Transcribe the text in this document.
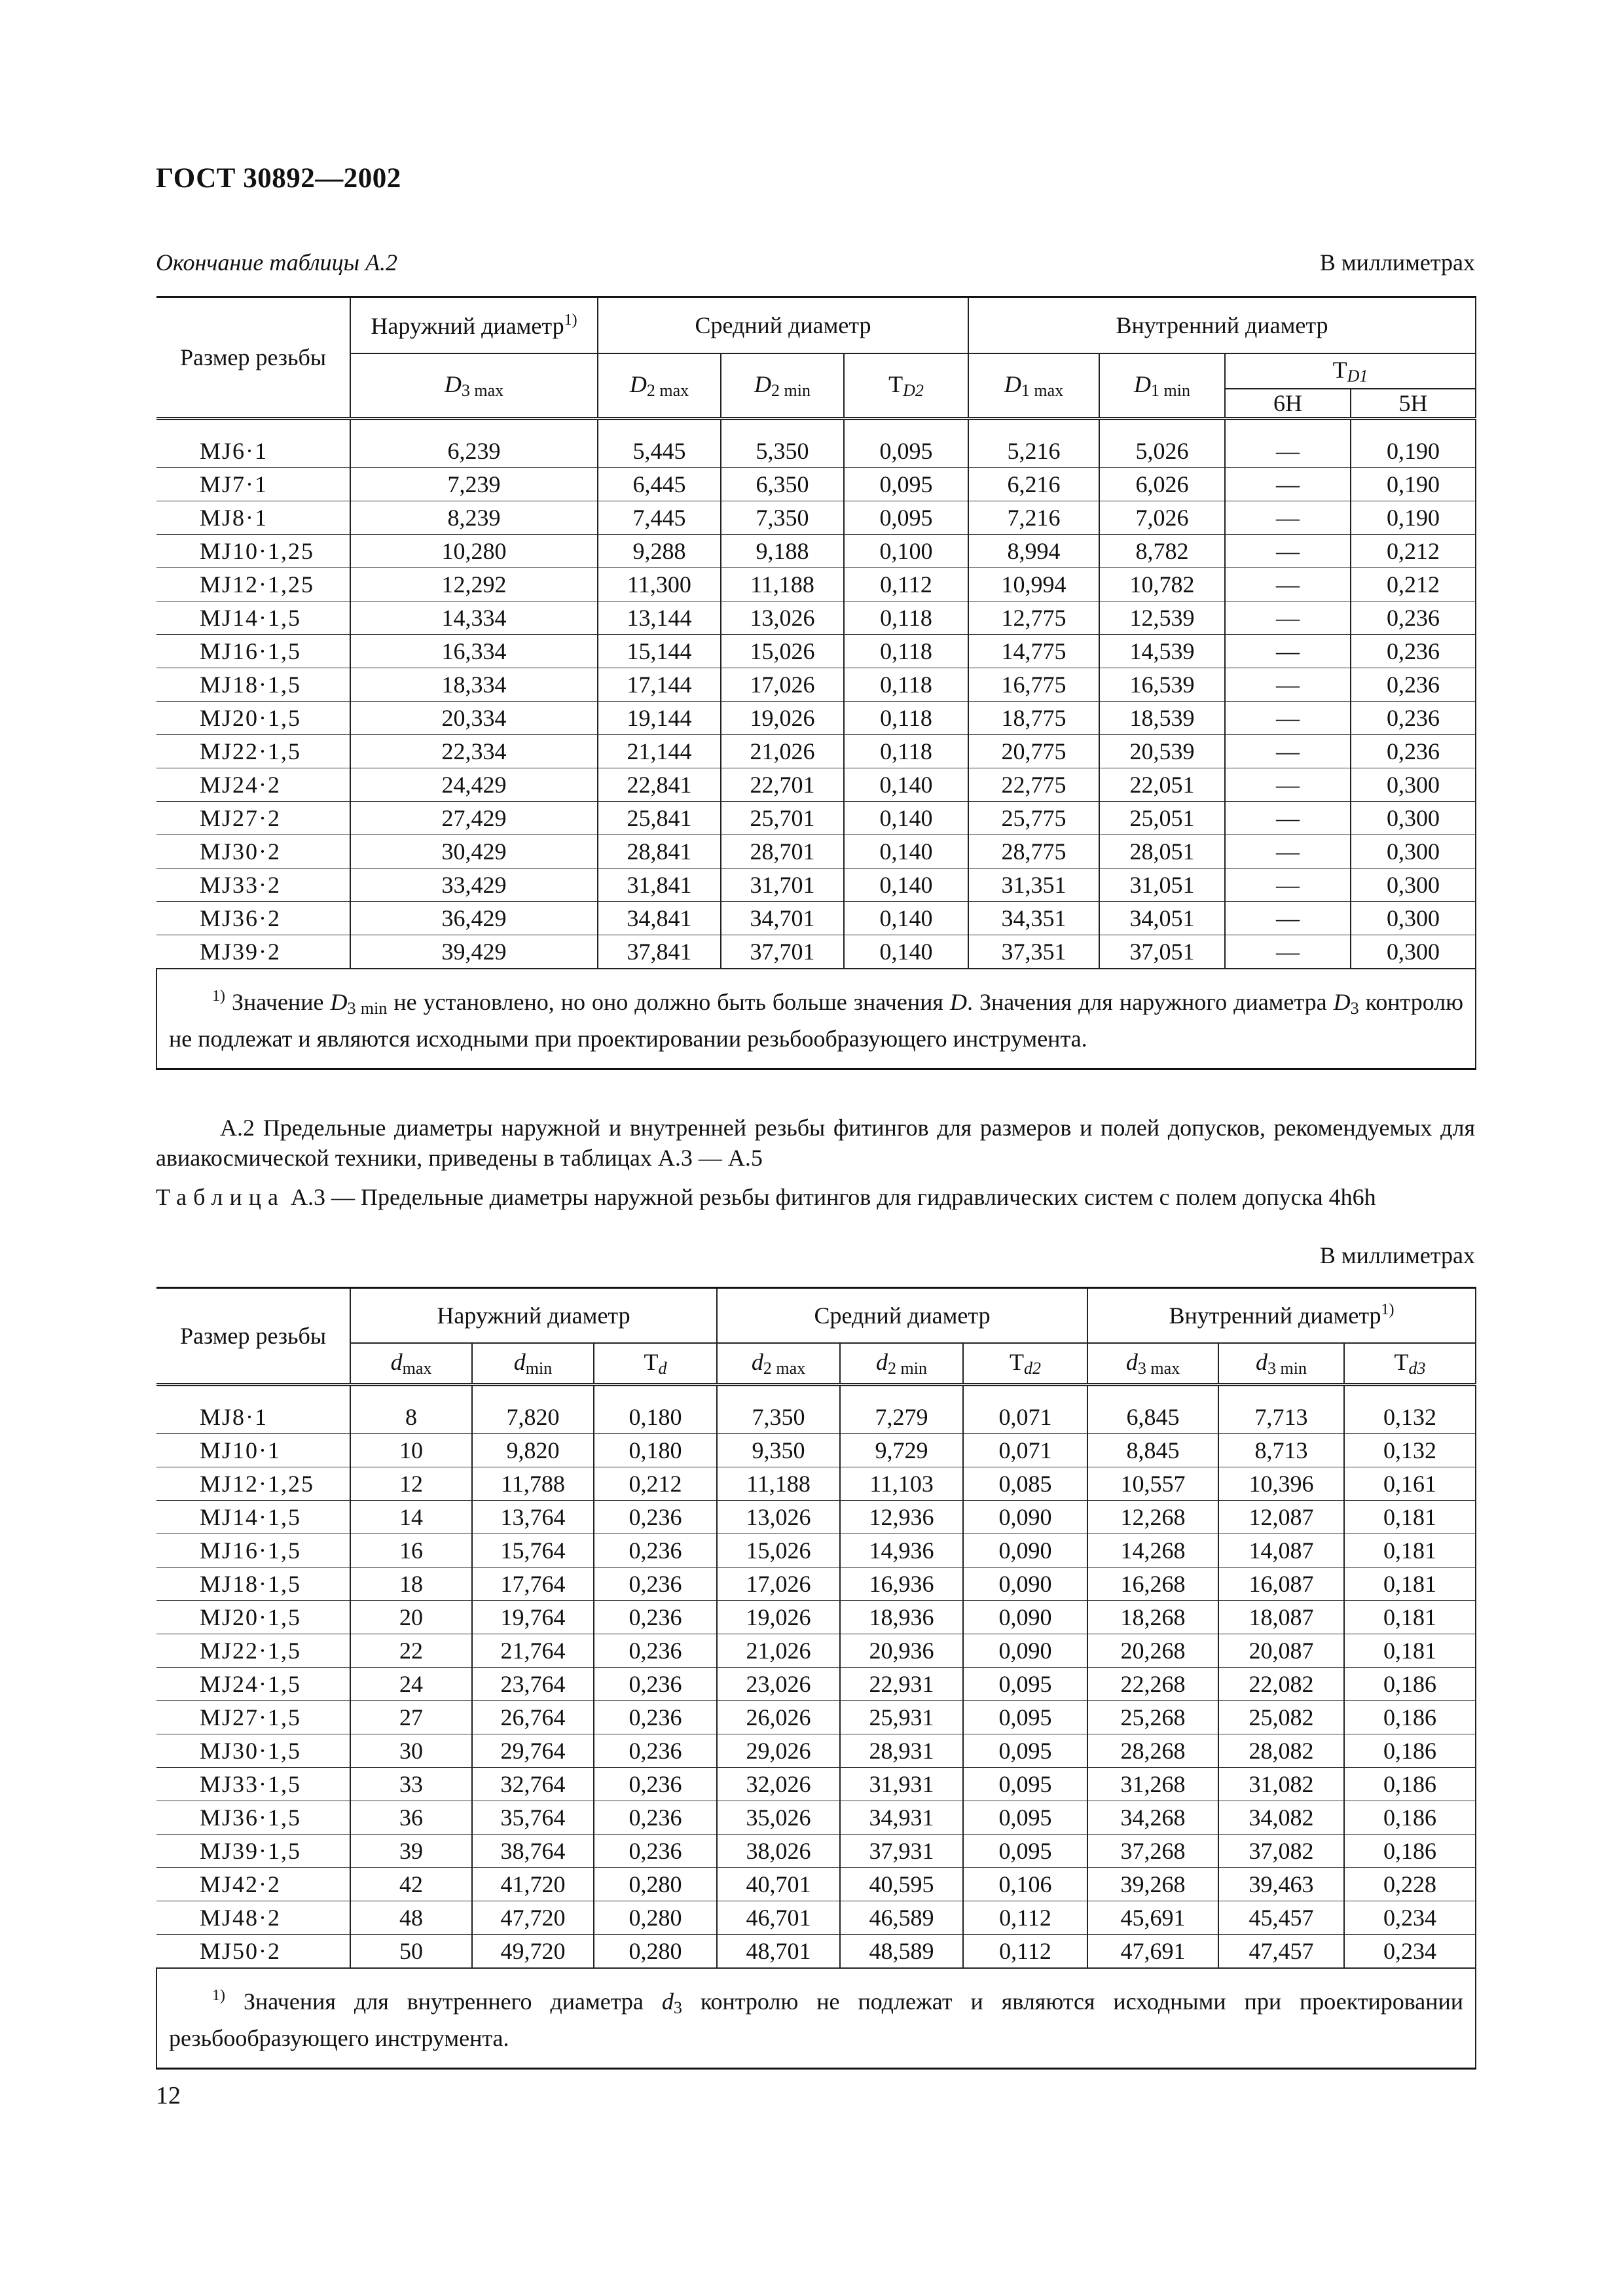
ГОСТ 30892—2002
Окончание таблицы А.2	В миллиметрах
Размер резьбы	Наружний диаметр$^{1)}$	Средний диаметр			Внутренний диаметр			
	$D_{3 max}$	$D_{2 max}$	$D_{2 min}$	$T_{D2}$	$D_{1 max}$	$D_{1 min}$	$T_{D1}$
							6H	5H

MJ6·1	6,239	5,445	5,350	0,095	5,216	5,026	—	0,190
MJ7·1	7,239	6,445	6,350	0,095	6,216	6,026	—	0,190
MJ8·1	8,239	7,445	7,350	0,095	7,216	7,026	—	0,190
MJ10·1,25	10,280	9,288	9,188	0,100	8,994	8,782	—	0,212
MJ12·1,25	12,292	11,300	11,188	0,112	10,994	10,782	—	0,212
MJ14·1,5	14,334	13,144	13,026	0,118	12,775	12,539	—	0,236
MJ16·1,5	16,334	15,144	15,026	0,118	14,775	14,539	—	0,236
MJ18·1,5	18,334	17,144	17,026	0,118	16,775	16,539	—	0,236
MJ20·1,5	20,334	19,144	19,026	0,118	18,775	18,539	—	0,236
MJ22·1,5	22,334	21,144	21,026	0,118	20,775	20,539	—	0,236
MJ24·2	24,429	22,841	22,701	0,140	22,775	22,051	—	0,300
MJ27·2	27,429	25,841	25,701	0,140	25,775	25,051	—	0,300
MJ30·2	30,429	28,841	28,701	0,140	28,775	28,051	—	0,300
MJ33·2	33,429	31,841	31,701	0,140	31,351	31,051	—	0,300
MJ36·2	36,429	34,841	34,701	0,140	34,351	34,051	—	0,300
MJ39·2	39,429	37,841	37,701	0,140	37,351	37,051	—	0,300
$^{1)}$ Значение $D_{3 min}$ не установлено, но оно должно быть больше значения D. Значения для наружного диаметра $D_3$ контролю не подлежат и являются исходными при проектировании резьбообразующего инструмента.								
А.2 Предельные диаметры наружной и внутренней резьбы фитингов для размеров и полей допусков, рекомендуемых для авиакосмической техники, приведены в таблицах А.3 — А.5
Таблица А.3 — Предельные диаметры наружной резьбы фитингов для гидравлических систем с полем допуска 4h6h
В миллиметрах
Размер резьбы	Наружний диаметр			Средний диаметр			Внутренний диаметр$^{1)}$
	$d_{max}$	$d_{min}$	$T_d$	$d_{2 max}$	$d_{2 min}$	$T_{d2}$	$d_{3 max}$	$d_{3 min}$	$T_{d3}$

MJ8·1	8	7,820	0,180	7,350	7,279	0,071	6,845	7,713	0,132
MJ10·1	10	9,820	0,180	9,350	9,729	0,071	8,845	8,713	0,132
MJ12·1,25	12	11,788	0,212	11,188	11,103	0,085	10,557	10,396	0,161
MJ14·1,5	14	13,764	0,236	13,026	12,936	0,090	12,268	12,087	0,181
MJ16·1,5	16	15,764	0,236	15,026	14,936	0,090	14,268	14,087	0,181
MJ18·1,5	18	17,764	0,236	17,026	16,936	0,090	16,268	16,087	0,181
MJ20·1,5	20	19,764	0,236	19,026	18,936	0,090	18,268	18,087	0,181
MJ22·1,5	22	21,764	0,236	21,026	20,936	0,090	20,268	20,087	0,181
MJ24·1,5	24	23,764	0,236	23,026	22,931	0,095	22,268	22,082	0,186
MJ27·1,5	27	26,764	0,236	26,026	25,931	0,095	25,268	25,082	0,186
MJ30·1,5	30	29,764	0,236	29,026	28,931	0,095	28,268	28,082	0,186
MJ33·1,5	33	32,764	0,236	32,026	31,931	0,095	31,268	31,082	0,186
MJ36·1,5	36	35,764	0,236	35,026	34,931	0,095	34,268	34,082	0,186
MJ39·1,5	39	38,764	0,236	38,026	37,931	0,095	37,268	37,082	0,186
MJ42·2	42	41,720	0,280	40,701	40,595	0,106	39,268	39,463	0,228
MJ48·2	48	47,720	0,280	46,701	46,589	0,112	45,691	45,457	0,234
MJ50·2	50	49,720	0,280	48,701	48,589	0,112	47,691	47,457	0,234
$^{1)}$ Значения для внутреннего диаметра $d_3$ контролю не подлежат и являются исходными при проектировании резьбообразующего инструмента.									
12
